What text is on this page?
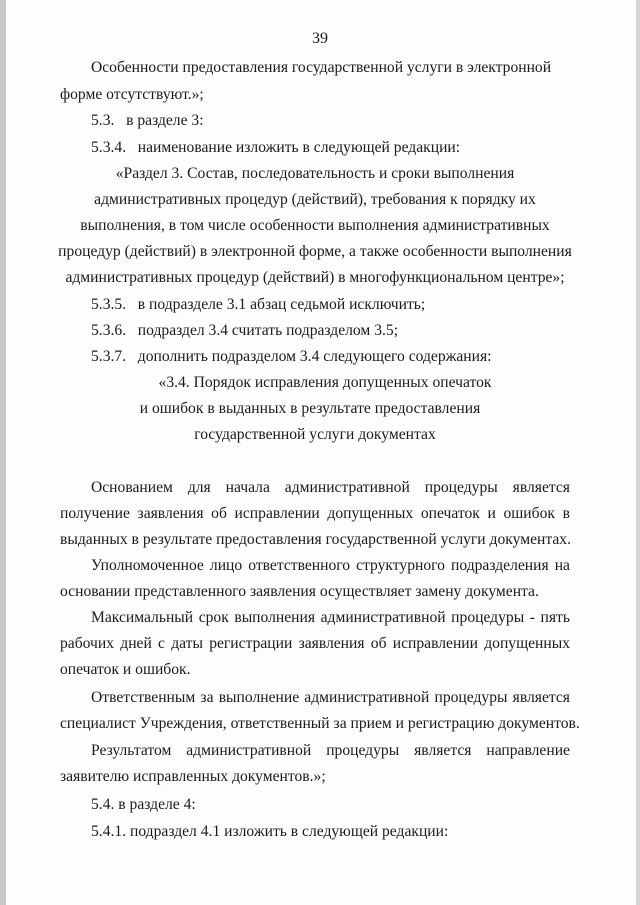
39
Особенности предоставления государственной услуги в электронной
форме отсутствуют.»;
5.3.   в разделе 3:
5.3.4.   наименование изложить в следующей редакции:
«Раздел 3. Состав, последовательность и сроки выполнения
административных процедур (действий), требования к порядку их
выполнения, в том числе особенности выполнения административных
процедур (действий) в электронной форме, а также особенности выполнения
административных процедур (действий) в многофункциональном центре»;
5.3.5.   в подразделе 3.1 абзац седьмой исключить;
5.3.6.   подраздел 3.4 считать подразделом 3.5;
5.3.7.   дополнить подразделом 3.4 следующего содержания:
«3.4. Порядок исправления допущенных опечаток
и ошибок в выданных в результате предоставления
государственной услуги документах
Основанием для начала административной процедуры является
получение заявления об исправлении допущенных опечаток и ошибок в
выданных в результате предоставления государственной услуги документах.
Уполномоченное лицо ответственного структурного подразделения на
основании представленного заявления осуществляет замену документа.
Максимальный срок выполнения административной процедуры - пять
рабочих дней с даты регистрации заявления об исправлении допущенных
опечаток и ошибок.
Ответственным за выполнение административной процедуры является
специалист Учреждения, ответственный за прием и регистрацию документов.
Результатом административной процедуры является направление
заявителю исправленных документов.»;
5.4. в разделе 4:
5.4.1. подраздел 4.1 изложить в следующей редакции:
